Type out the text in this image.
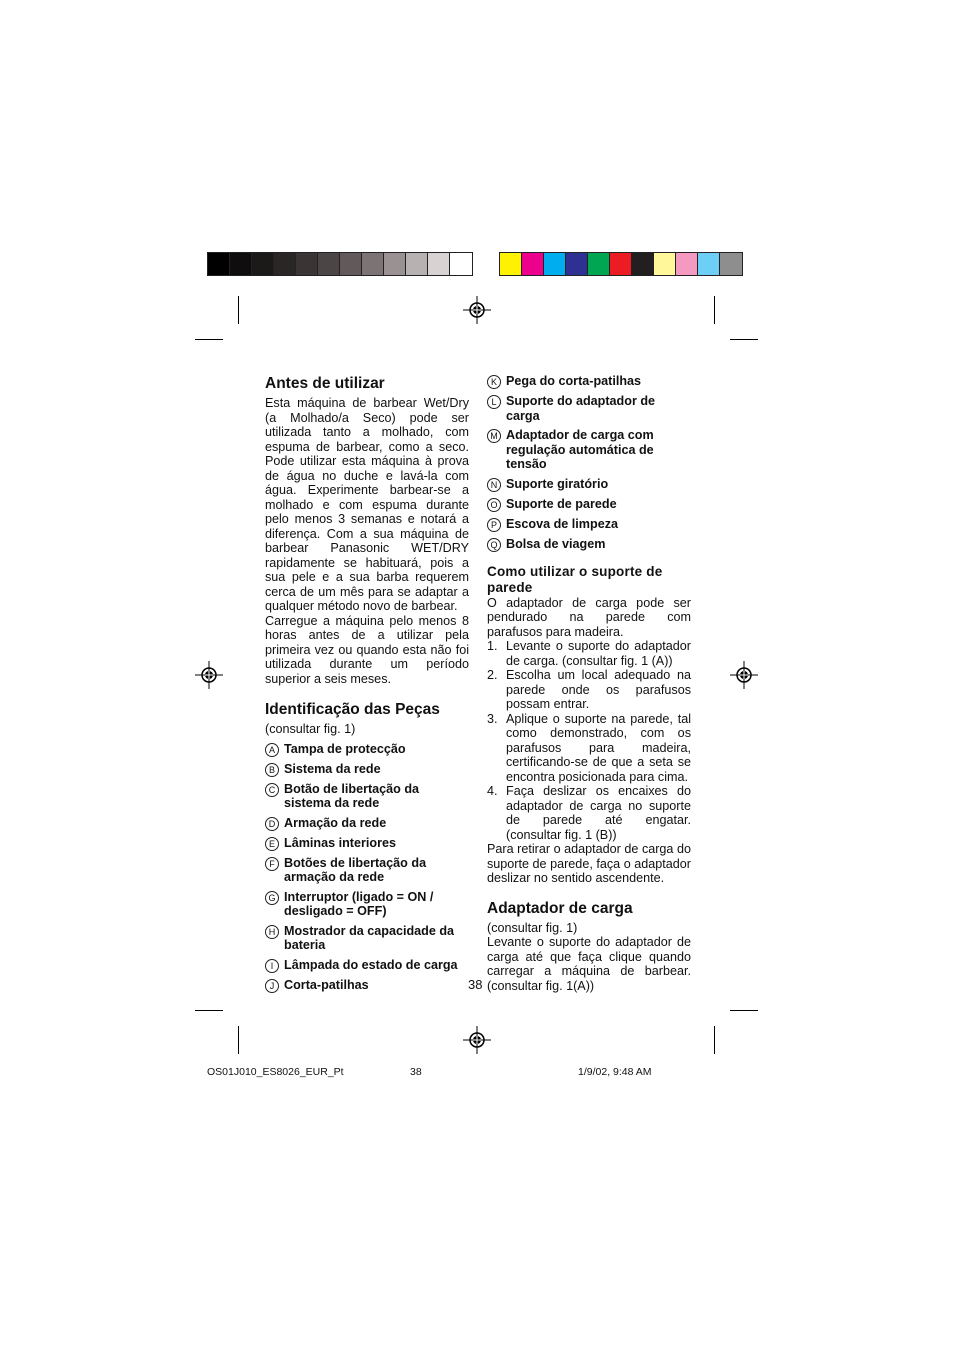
Antes de utilizar

Esta máquina de barbear Wet/Dry (a Molhado/a Seco) pode ser utilizada tanto a molhado, com espuma de barbear, como a seco. Pode utilizar esta máquina à prova de água no duche e lavá-la com água. Experimente barbear-se a molhado e com espuma durante pelo menos 3 semanas e notará a diferença. Com a sua máquina de barbear Panasonic WET/DRY rapidamente se habituará, pois a sua pele e a sua barba requerem cerca de um mês para se adaptar a qualquer método novo de barbear.

Carregue a máquina pelo menos 8 horas antes de a utilizar pela primeira vez ou quando esta não foi utilizada durante um período superior a seis meses.

Identificação das Peças

(consultar fig. 1)

A Tampa de protecção
B Sistema da rede
C Botão de libertação da sistema da rede
D Armação da rede
E Lâminas interiores
F Botões de libertação da armação da rede
G Interruptor (ligado = ON / desligado = OFF)
H Mostrador da capacidade da bateria
I Lâmpada do estado de carga
J Corta-patilhas
K Pega do corta-patilhas
L Suporte do adaptador de carga
M Adaptador de carga com regulação automática de tensão
N Suporte giratório
O Suporte de parede
P Escova de limpeza
Q Bolsa de viagem
Como utilizar o suporte de parede

O adaptador de carga pode ser pendurado na parede com parafusos para madeira.

1. Levante o suporte do adaptador de carga. (consultar fig. 1 (A))
2. Escolha um local adequado na parede onde os parafusos possam entrar.
3. Aplique o suporte na parede, tal como demonstrado, com os parafusos para madeira, certificando-se de que a seta se encontra posicionada para cima.
4. Faça deslizar os encaixes do adaptador de carga no suporte de parede até engatar. (consultar fig. 1 (B))

Para retirar o adaptador de carga do suporte de parede, faça o adaptador deslizar no sentido ascendente.

Adaptador de carga

(consultar fig. 1)

Levante o suporte do adaptador de carga até que faça clique quando carregar a máquina de barbear. (consultar fig. 1(A))

38
OS01J010_ES8026_EUR_Pt	38	1/9/02, 9:48 AM
